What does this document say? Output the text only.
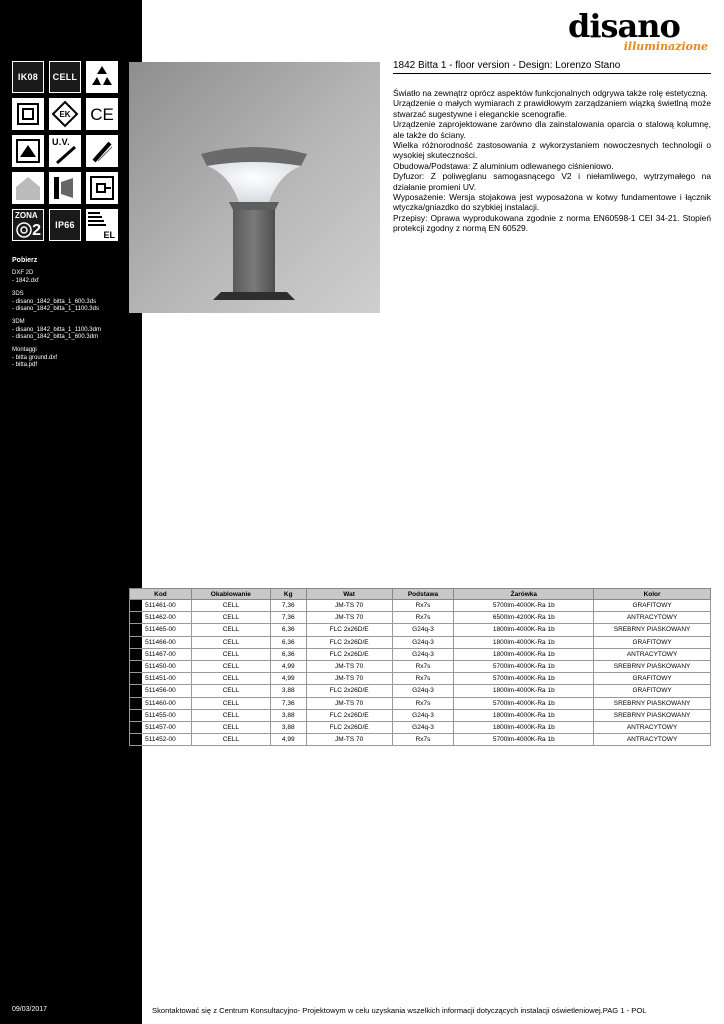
IK08 CELL
EK CE
U.V.
ZONA
2 IP66
EL
Pobierz
DXF 2D
- 1842.dxf
3DS
- disano_1842_bitta_1_600.3ds
- disano_1842_bitta_1_1100.3ds
3DM
- disano_1842_bitta_1_1100.3dm
- disano_1842_bitta_1_600.3dm
Montaggi
- bitta ground.dxf
- bitta.pdf
09/03/2017
disano
illuminazione
1842 Bitta 1 - floor version - Design: Lorenzo Stano

Światło na zewnątrz oprócz aspektów funkcjonalnych odgrywa także rolę estetyczną.

Urządzenie o małych wymiarach z prawidłowym zarządzaniem wiązką świetlną może stwarzać sugestywne i eleganckie scenografie.

Urządzenie zaprojektowane zarówno dla zainstalowania oparcia o stalową kolumnę, ale także do ściany.

Wielka różnorodność zastosowania z wykorzystaniem nowoczesnych technologii o wysokiej skuteczności.

Obudowa/Podstawa: Z aluminium odlewanego ciśnieniowo.

Dyfuzor: Z poliwęglanu samogasnącego V2 i niełamliwego, wytrzymałego na działanie promieni UV.

Wyposażenie: Wersja stojakowa jest wyposażona w kotwy fundamentowe i łącznik wtyczka/gniazdko do szybkiej instalacji.

Przepisy: Oprawa wyprodukowana zgodnie z norma EN60598-1 CEI 34-21. Stopień protekcji zgodny z normą EN 60529.

Kod	Okablowanie	Kg	Wat	Podstawa	Żarówka	Kolor
511461-00	CELL	7,36	JM-TS 70	Rx7s	5700lm-4000K-Ra 1b	GRAFITOWY
511462-00	CELL	7,36	JM-TS 70	Rx7s	6500lm-4200K-Ra 1b	ANTRACYTOWY
511465-00	CELL	6,36	FLC 2x26D/E	G24q-3	1800lm-4000K-Ra 1b	SREBRNY PIASKOWANY
511466-00	CELL	6,36	FLC 2x26D/E	G24q-3	1800lm-4000K-Ra 1b	GRAFITOWY
511467-00	CELL	6,36	FLC 2x26D/E	G24q-3	1800lm-4000K-Ra 1b	ANTRACYTOWY
511450-00	CELL	4,99	JM-TS 70	Rx7s	5700lm-4000K-Ra 1b	SREBRNY PIASKOWANY
511451-00	CELL	4,99	JM-TS 70	Rx7s	5700lm-4000K-Ra 1b	GRAFITOWY
511456-00	CELL	3,88	FLC 2x26D/E	G24q-3	1800lm-4000K-Ra 1b	GRAFITOWY
511460-00	CELL	7,36	JM-TS 70	Rx7s	5700lm-4000K-Ra 1b	SREBRNY PIASKOWANY
511455-00	CELL	3,88	FLC 2x26D/E	G24q-3	1800lm-4000K-Ra 1b	SREBRNY PIASKOWANY
511457-00	CELL	3,88	FLC 2x26D/E	G24q-3	1800lm-4000K-Ra 1b	ANTRACYTOWY
511452-00	CELL	4,99	JM-TS 70	Rx7s	5700lm-4000K-Ra 1b	ANTRACYTOWY
Skontaktować się z Centrum Konsultacyjno- Projektowym w celu uzyskania wszelkich informacji dotyczących instalacji oświetleniowej.PAG 1 - POL
